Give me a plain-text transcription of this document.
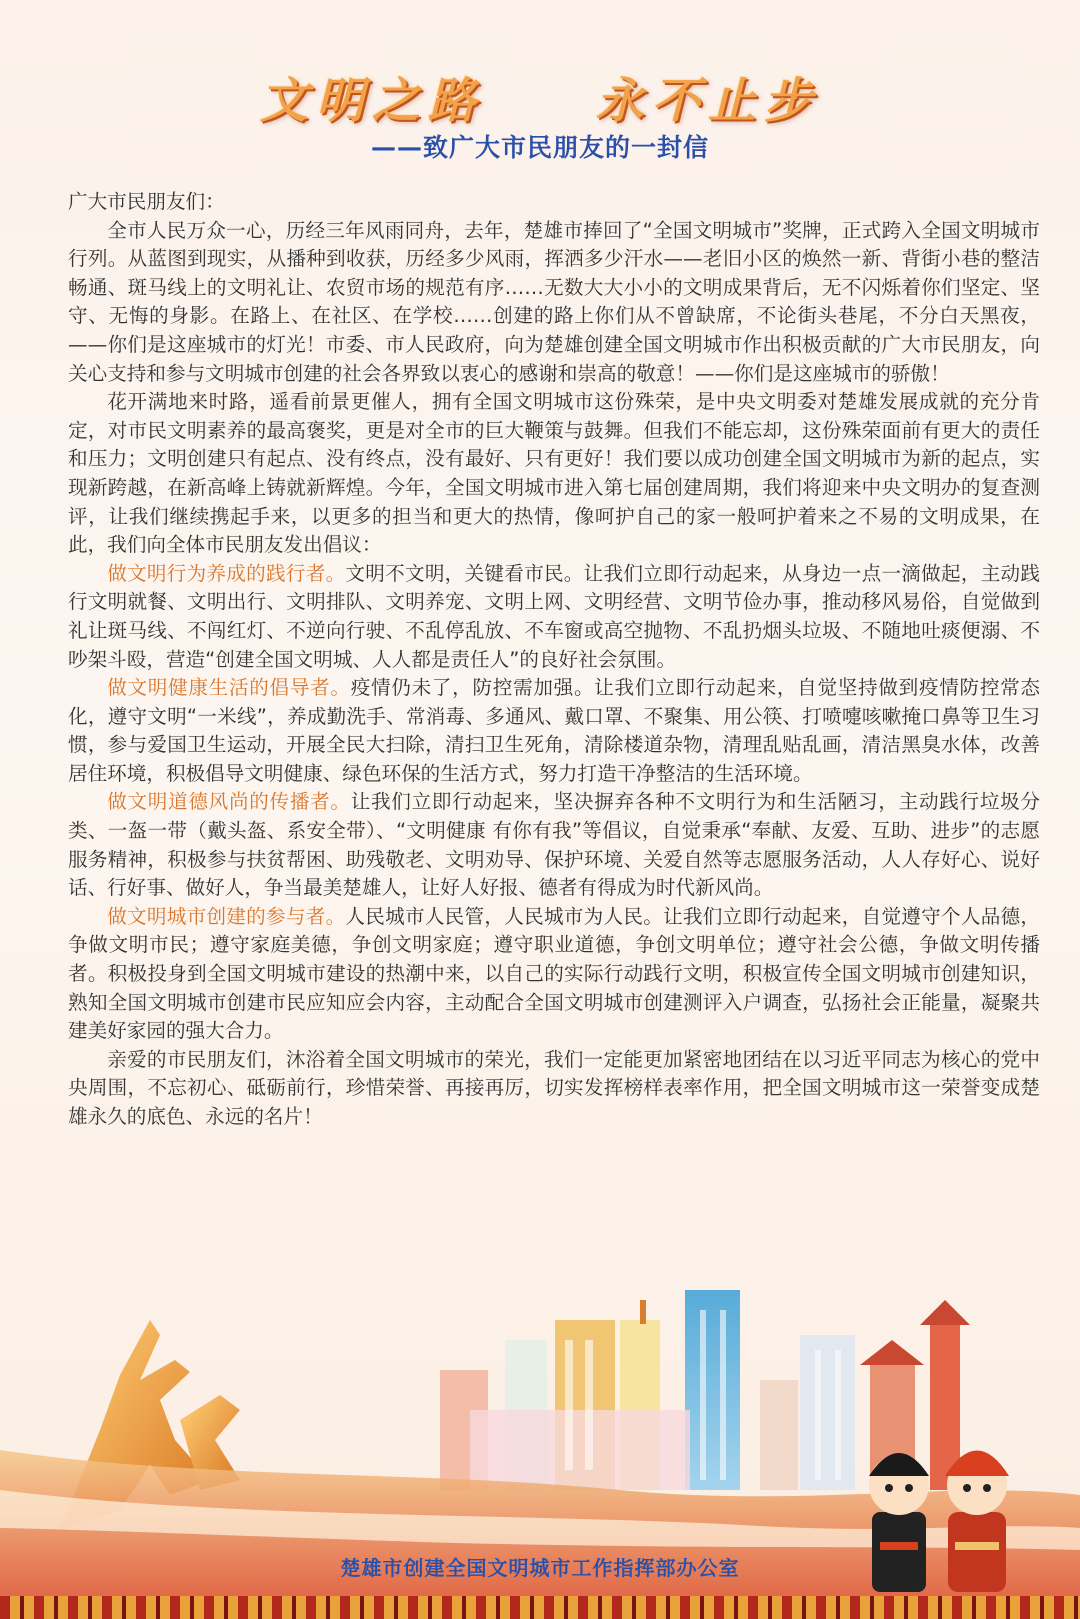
文明之路　　永不止步
——致广大市民朋友的一封信

广大市民朋友们：

全市人民万众一心，历经三年风雨同舟，去年，楚雄市捧回了“全国文明城市”奖牌，正式跨入全国文明城市行列。从蓝图到现实，从播种到收获，历经多少风雨，挥洒多少汗水——老旧小区的焕然一新、背街小巷的整洁畅通、斑马线上的文明礼让、农贸市场的规范有序……无数大大小小的文明成果背后，无不闪烁着你们坚定、坚守、无悔的身影。在路上、在社区、在学校……创建的路上你们从不曾缺席，不论街头巷尾，不分白天黑夜，——你们是这座城市的灯光！市委、市人民政府，向为楚雄创建全国文明城市作出积极贡献的广大市民朋友，向关心支持和参与文明城市创建的社会各界致以衷心的感谢和崇高的敬意！——你们是这座城市的骄傲！

花开满地来时路，遥看前景更催人，拥有全国文明城市这份殊荣，是中央文明委对楚雄发展成就的充分肯定，对市民文明素养的最高褒奖，更是对全市的巨大鞭策与鼓舞。但我们不能忘却，这份殊荣面前有更大的责任和压力；文明创建只有起点、没有终点，没有最好、只有更好！我们要以成功创建全国文明城市为新的起点，实现新跨越，在新高峰上铸就新辉煌。今年，全国文明城市进入第七届创建周期，我们将迎来中央文明办的复查测评，让我们继续携起手来，以更多的担当和更大的热情，像呵护自己的家一般呵护着来之不易的文明成果，在此，我们向全体市民朋友发出倡议：

做文明行为养成的践行者。文明不文明，关键看市民。让我们立即行动起来，从身边一点一滴做起，主动践行文明就餐、文明出行、文明排队、文明养宠、文明上网、文明经营、文明节俭办事，推动移风易俗，自觉做到礼让斑马线、不闯红灯、不逆向行驶、不乱停乱放、不车窗或高空抛物、不乱扔烟头垃圾、不随地吐痰便溺、不吵架斗殴，营造“创建全国文明城、人人都是责任人”的良好社会氛围。

做文明健康生活的倡导者。疫情仍未了，防控需加强。让我们立即行动起来，自觉坚持做到疫情防控常态化，遵守文明“一米线”，养成勤洗手、常消毒、多通风、戴口罩、不聚集、用公筷、打喷嚏咳嗽掩口鼻等卫生习惯，参与爱国卫生运动，开展全民大扫除，清扫卫生死角，清除楼道杂物，清理乱贴乱画，清洁黑臭水体，改善居住环境，积极倡导文明健康、绿色环保的生活方式，努力打造干净整洁的生活环境。

做文明道德风尚的传播者。让我们立即行动起来，坚决摒弃各种不文明行为和生活陋习，主动践行垃圾分类、一盔一带（戴头盔、系安全带）、“文明健康 有你有我”等倡议，自觉秉承“奉献、友爱、互助、进步”的志愿服务精神，积极参与扶贫帮困、助残敬老、文明劝导、保护环境、关爱自然等志愿服务活动，人人存好心、说好话、行好事、做好人，争当最美楚雄人，让好人好报、德者有得成为时代新风尚。

做文明城市创建的参与者。人民城市人民管，人民城市为人民。让我们立即行动起来，自觉遵守个人品德，争做文明市民；遵守家庭美德，争创文明家庭；遵守职业道德，争创文明单位；遵守社会公德，争做文明传播者。积极投身到全国文明城市建设的热潮中来，以自己的实际行动践行文明，积极宣传全国文明城市创建知识，熟知全国文明城市创建市民应知应会内容，主动配合全国文明城市创建测评入户调查，弘扬社会正能量，凝聚共建美好家园的强大合力。

亲爱的市民朋友们，沐浴着全国文明城市的荣光，我们一定能更加紧密地团结在以习近平同志为核心的党中央周围，不忘初心、砥砺前行，珍惜荣誉、再接再厉，切实发挥榜样表率作用，把全国文明城市这一荣誉变成楚雄永久的底色、永远的名片！

楚雄市创建全国文明城市工作指挥部办公室
